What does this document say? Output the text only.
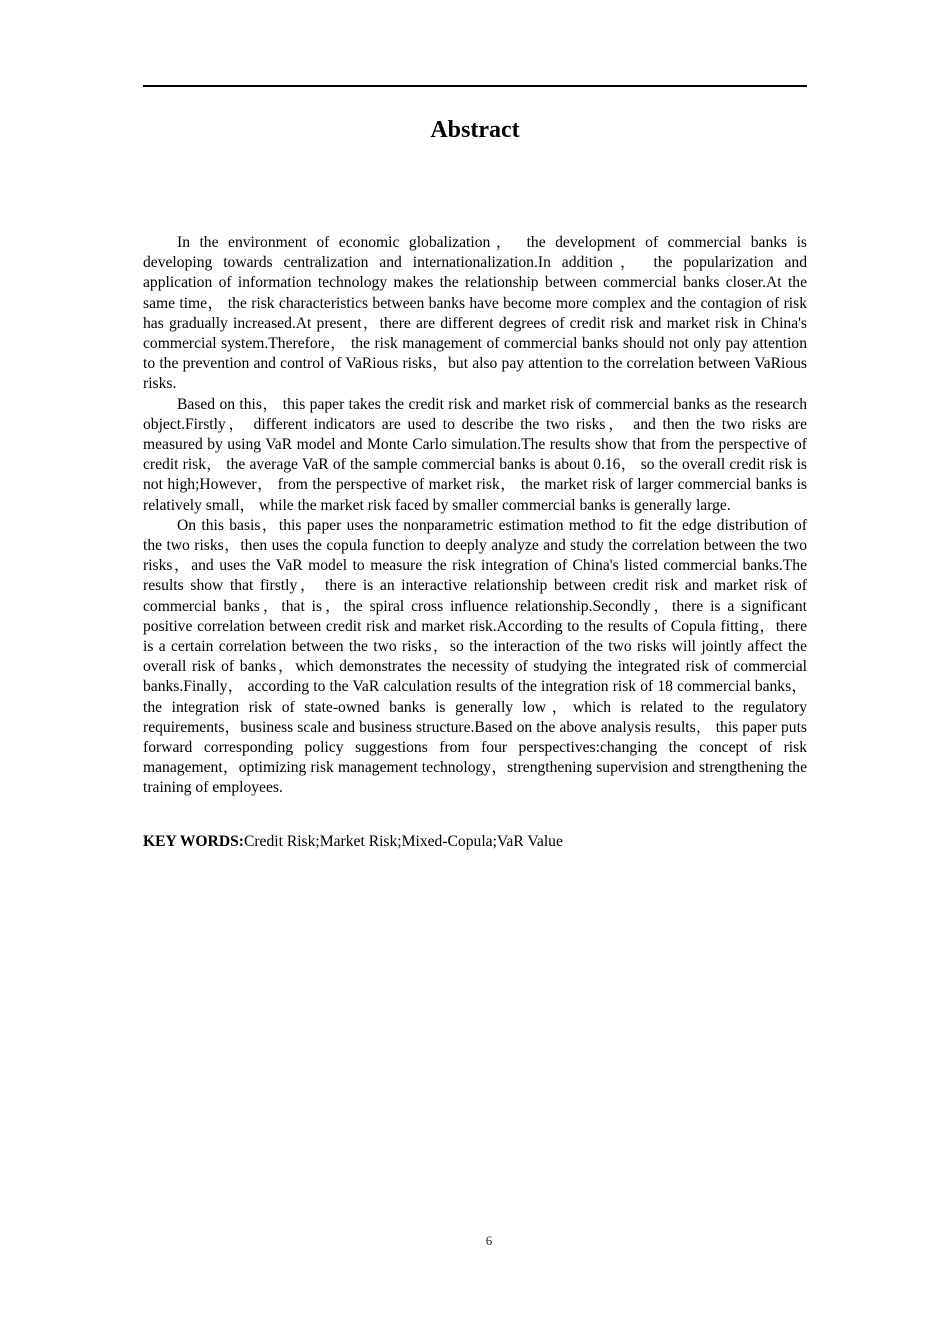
Abstract

In the environment of economic globalization， the development of commercial banks is developing towards centralization and internationalization.In addition， the popularization and application of information technology makes the relationship between commercial banks closer.At the same time， the risk characteristics between banks have become more complex and the contagion of risk has gradually increased.At present，there are different degrees of credit risk and market risk in China's commercial system.Therefore， the risk management of commercial banks should not only pay attention to the prevention and control of VaRious risks，but also pay attention to the correlation between VaRious risks.

Based on this， this paper takes the credit risk and market risk of commercial banks as the research object.Firstly， different indicators are used to describe the two risks， and then the two risks are measured by using VaR model and Monte Carlo simulation.The results show that from the perspective of credit risk， the average VaR of the sample commercial banks is about 0.16， so the overall credit risk is not high;However， from the perspective of market risk， the market risk of larger commercial banks is relatively small， while the market risk faced by smaller commercial banks is generally large.

On this basis，this paper uses the nonparametric estimation method to fit the edge distribution of the two risks，then uses the copula function to deeply analyze and study the correlation between the two risks，and uses the VaR model to measure the risk integration of China's listed commercial banks.The results show that firstly， there is an interactive relationship between credit risk and market risk of commercial banks，that is，the spiral cross influence relationship.Secondly，there is a significant positive correlation between credit risk and market risk.According to the results of Copula fitting，there is a certain correlation between the two risks，so the interaction of the two risks will jointly affect the overall risk of banks，which demonstrates the necessity of studying the integrated risk of commercial banks.Finally， according to the VaR calculation results of the integration risk of 18 commercial banks，the integration risk of state-owned banks is generally low，which is related to the regulatory requirements，business scale and business structure.Based on the above analysis results， this paper puts forward corresponding policy suggestions from four perspectives:changing the concept of risk management，optimizing risk management technology，strengthening supervision and strengthening the training of employees.

KEY WORDS:Credit Risk;Market Risk;Mixed-Copula;VaR Value
6
